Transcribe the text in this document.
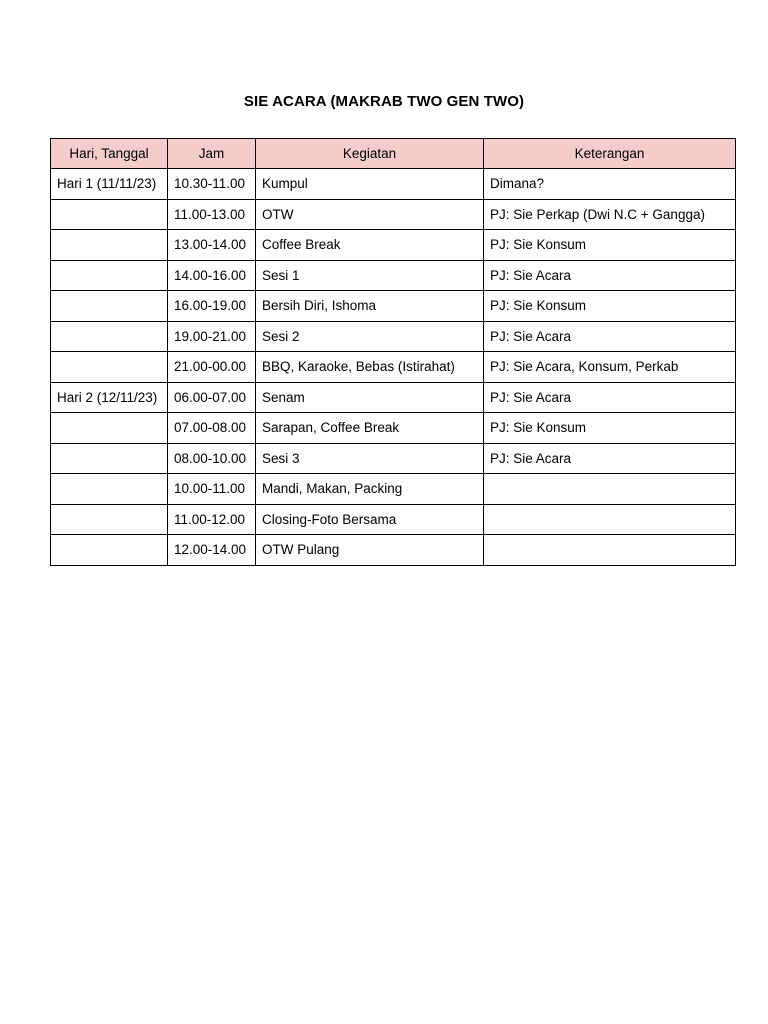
SIE ACARA (MAKRAB TWO GEN TWO)
Hari, Tanggal	Jam	Kegiatan	Keterangan
Hari 1 (11/11/23)	10.30-11.00	Kumpul	Dimana?
	11.00-13.00	OTW	PJ: Sie Perkap (Dwi N.C + Gangga)
	13.00-14.00	Coffee Break	PJ: Sie Konsum
	14.00-16.00	Sesi 1	PJ: Sie Acara
	16.00-19.00	Bersih Diri, Ishoma	PJ: Sie Konsum
	19.00-21.00	Sesi 2	PJ: Sie Acara
	21.00-00.00	BBQ, Karaoke, Bebas (Istirahat)	PJ: Sie Acara, Konsum, Perkab
Hari 2 (12/11/23)	06.00-07.00	Senam	PJ: Sie Acara
	07.00-08.00	Sarapan, Coffee Break	PJ: Sie Konsum
	08.00-10.00	Sesi 3	PJ: Sie Acara
	10.00-11.00	Mandi, Makan, Packing	
	11.00-12.00	Closing-Foto Bersama	
	12.00-14.00	OTW Pulang	
